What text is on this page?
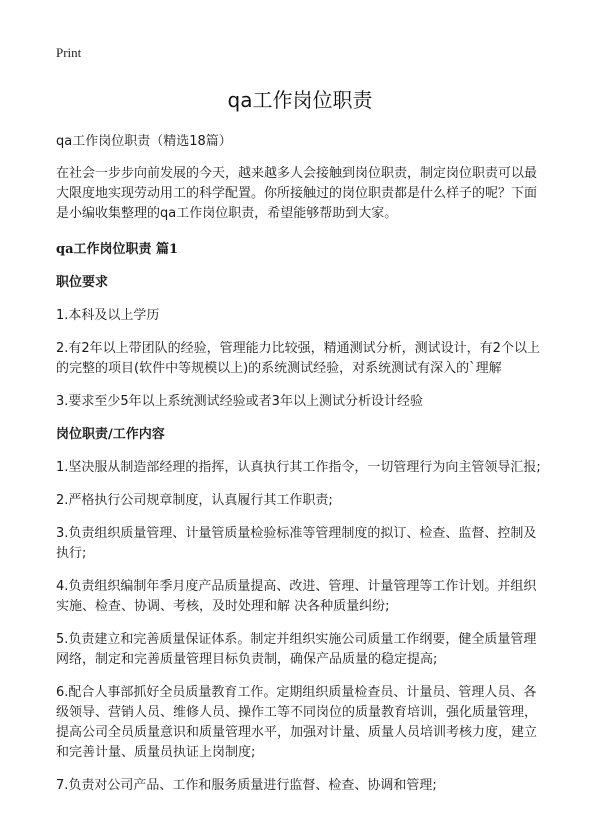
Print
qa工作岗位职责
qa工作岗位职责（精选18篇）

在社会一步步向前发展的今天，越来越多人会接触到岗位职责，制定岗位职责可以最大限度地实现劳动用工的科学配置。你所接触过的岗位职责都是什么样子的呢？下面是小编收集整理的qa工作岗位职责，希望能够帮助到大家。

qa工作岗位职责 篇1
职位要求

1.本科及以上学历

2.有2年以上带团队的经验，管理能力比较强，精通测试分析，测试设计，有2个以上的完整的项目(软件中等规模以上)的系统测试经验，对系统测试有深入的`理解

3.要求至少5年以上系统测试经验或者3年以上测试分析设计经验

岗位职责/工作内容

1.坚决服从制造部经理的指挥，认真执行其工作指令，一切管理行为向主管领导汇报;

2.严格执行公司规章制度，认真履行其工作职责;

3.负责组织质量管理、计量管质量检验标准等管理制度的拟订、检查、监督、控制及执行;

4.负责组织编制年季月度产品质量提高、改进、管理、计量管理等工作计划。并组织实施、检查、协调、考核，及时处理和解 决各种质量纠纷;

5.负责建立和完善质量保证体系。制定并组织实施公司质量工作纲要，健全质量管理网络，制定和完善质量管理目标负责制，确保产品质量的稳定提高;

6.配合人事部抓好全员质量教育工作。定期组织质量检查员、计量员、管理人员、各级领导、营销人员、维修人员、操作工等不同岗位的质量教育培训，强化质量管理，提高公司全员质量意识和质量管理水平，加强对计量、质量人员培训考核力度，建立和完善计量、质量员执证上岗制度;

7.负责对公司产品、工作和服务质量进行监督、检查、协调和管理;
